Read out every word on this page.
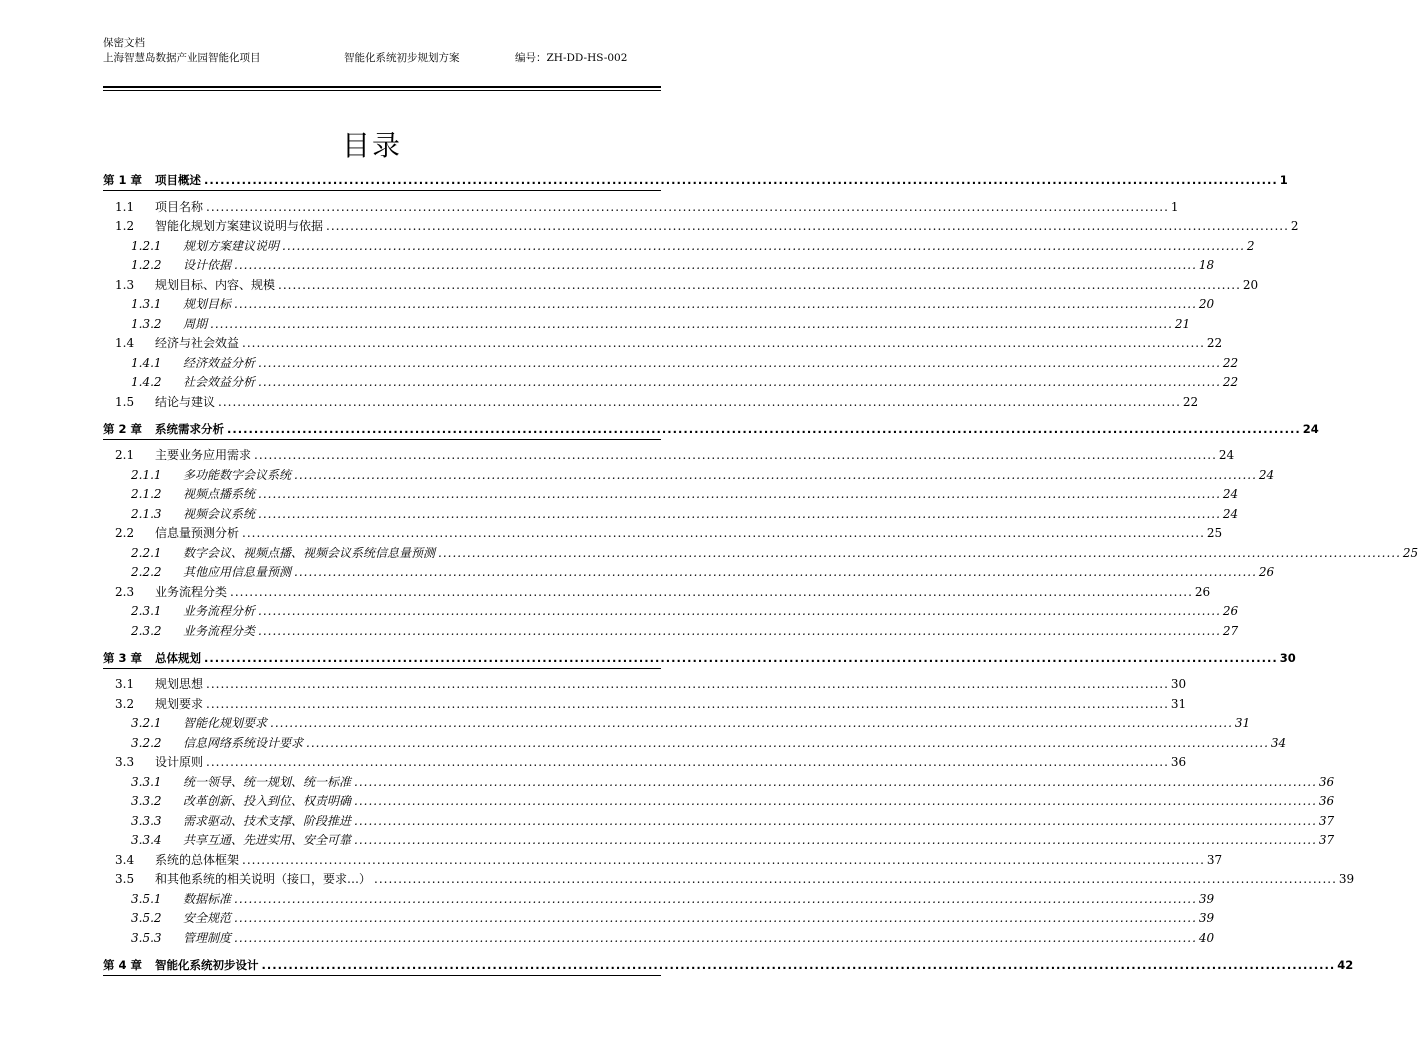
保密文档
上海智慧岛数据产业园智能化项目	智能化系统初步规划方案	编号：ZH-DD-HS-002
目录
第 1 章	项目概述 ........................................................................................................................................................................................................ 1
1.1	项目名称 ........................................................................................................................................................................................................ 1
1.2	智能化规划方案建议说明与依据 ........................................................................................................................................................................................................ 2
1.2.1	规划方案建议说明 ........................................................................................................................................................................................................ 2
1.2.2	设计依据 ........................................................................................................................................................................................................ 18
1.3	规划目标、内容、规模 ........................................................................................................................................................................................................ 20
1.3.1	规划目标 ........................................................................................................................................................................................................ 20
1.3.2	周期 ........................................................................................................................................................................................................ 21
1.4	经济与社会效益 ........................................................................................................................................................................................................ 22
1.4.1	经济效益分析 ........................................................................................................................................................................................................ 22
1.4.2	社会效益分析 ........................................................................................................................................................................................................ 22
1.5	结论与建议 ........................................................................................................................................................................................................ 22
第 2 章	系统需求分析 ........................................................................................................................................................................................................ 24
2.1	主要业务应用需求 ........................................................................................................................................................................................................ 24
2.1.1	多功能数字会议系统 ........................................................................................................................................................................................................ 24
2.1.2	视频点播系统 ........................................................................................................................................................................................................ 24
2.1.3	视频会议系统 ........................................................................................................................................................................................................ 24
2.2	信息量预测分析 ........................................................................................................................................................................................................ 25
2.2.1	数字会议、视频点播、视频会议系统信息量预测 ........................................................................................................................................................................................................ 25
2.2.2	其他应用信息量预测 ........................................................................................................................................................................................................ 26
2.3	业务流程分类 ........................................................................................................................................................................................................ 26
2.3.1	业务流程分析 ........................................................................................................................................................................................................ 26
2.3.2	业务流程分类 ........................................................................................................................................................................................................ 27
第 3 章	总体规划 ........................................................................................................................................................................................................ 30
3.1	规划思想 ........................................................................................................................................................................................................ 30
3.2	规划要求 ........................................................................................................................................................................................................ 31
3.2.1	智能化规划要求 ........................................................................................................................................................................................................ 31
3.2.2	信息网络系统设计要求 ........................................................................................................................................................................................................ 34
3.3	设计原则 ........................................................................................................................................................................................................ 36
3.3.1	统一领导、统一规划、统一标准 ........................................................................................................................................................................................................ 36
3.3.2	改革创新、投入到位、权责明确 ........................................................................................................................................................................................................ 36
3.3.3	需求驱动、技术支撑、阶段推进 ........................................................................................................................................................................................................ 37
3.3.4	共享互通、先进实用、安全可靠 ........................................................................................................................................................................................................ 37
3.4	系统的总体框架 ........................................................................................................................................................................................................ 37
3.5	和其他系统的相关说明（接口，要求…） ........................................................................................................................................................................................................ 39
3.5.1	数据标准 ........................................................................................................................................................................................................ 39
3.5.2	安全规范 ........................................................................................................................................................................................................ 39
3.5.3	管理制度 ........................................................................................................................................................................................................ 40
第 4 章	智能化系统初步设计 ........................................................................................................................................................................................................ 42
